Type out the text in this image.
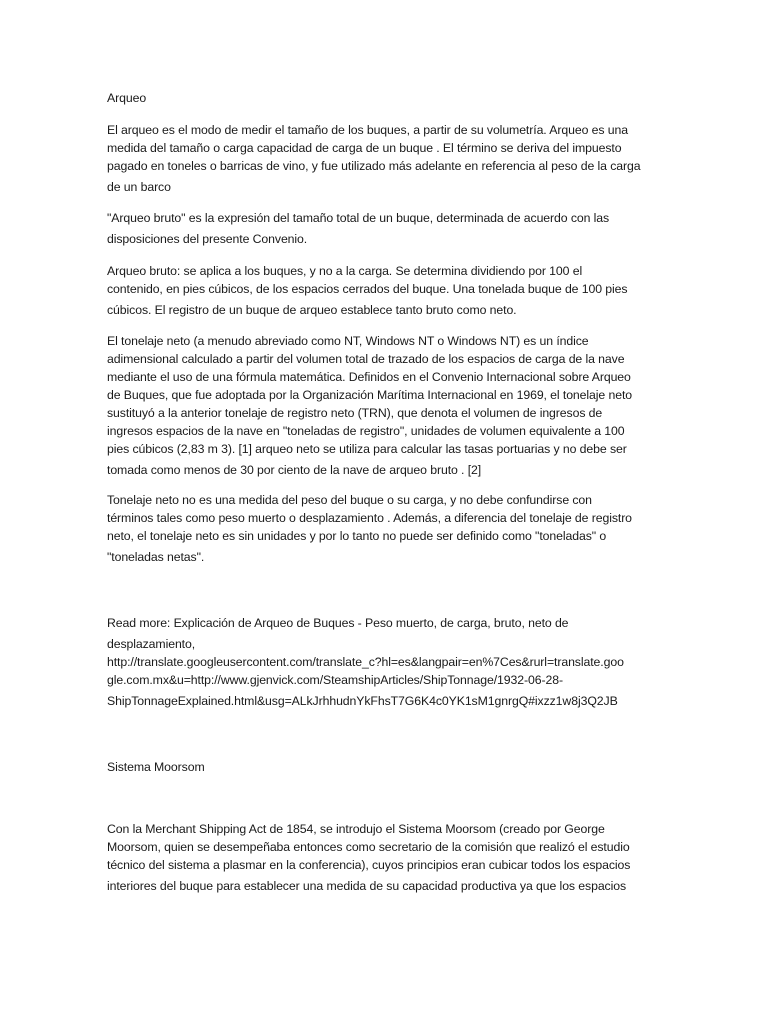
Arqueo
El arqueo es el modo de medir el tamaño de los buques, a partir de su volumetría. Arqueo es una
medida del tamaño o carga capacidad de carga de un buque . El término se deriva del impuesto
pagado en toneles o barricas de vino, y fue utilizado más adelante en referencia al peso de la carga
de un barco
"Arqueo bruto" es la expresión del tamaño total de un buque, determinada de acuerdo con las
disposiciones del presente Convenio.
Arqueo bruto: se aplica a los buques, y no a la carga. Se determina dividiendo por 100 el
contenido, en pies cúbicos, de los espacios cerrados del buque. Una tonelada buque de 100 pies
cúbicos. El registro de un buque de arqueo establece tanto bruto como neto.
El tonelaje neto (a menudo abreviado como NT, Windows NT o Windows NT) es un índice
adimensional calculado a partir del volumen total de trazado de los espacios de carga de la nave
mediante el uso de una fórmula matemática. Definidos en el Convenio Internacional sobre Arqueo
de Buques, que fue adoptada por la Organización Marítima Internacional en 1969, el tonelaje neto
sustituyó a la anterior tonelaje de registro neto (TRN), que denota el volumen de ingresos de
ingresos espacios de la nave en "toneladas de registro", unidades de volumen equivalente a 100
pies cúbicos (2,83 m 3). [1] arqueo neto se utiliza para calcular las tasas portuarias y no debe ser
tomada como menos de 30 por ciento de la nave de arqueo bruto . [2]
Tonelaje neto no es una medida del peso del buque o su carga, y no debe confundirse con
términos tales como peso muerto o desplazamiento . Además, a diferencia del tonelaje de registro
neto, el tonelaje neto es sin unidades y por lo tanto no puede ser definido como "toneladas" o
"toneladas netas".
Read more: Explicación de Arqueo de Buques - Peso muerto, de carga, bruto, neto de
desplazamiento,
http://translate.googleusercontent.com/translate_c?hl=es&langpair=en%7Ces&rurl=translate.goo
gle.com.mx&u=http://www.gjenvick.com/SteamshipArticles/ShipTonnage/1932-06-28-
ShipTonnageExplained.html&usg=ALkJrhhudnYkFhsT7G6K4c0YK1sM1gnrgQ#ixzz1w8j3Q2JB
Sistema Moorsom
Con la Merchant Shipping Act de 1854, se introdujo el Sistema Moorsom (creado por George
Moorsom, quien se desempeñaba entonces como secretario de la comisión que realizó el estudio
técnico del sistema a plasmar en la conferencia), cuyos principios eran cubicar todos los espacios
interiores del buque para establecer una medida de su capacidad productiva ya que los espacios
